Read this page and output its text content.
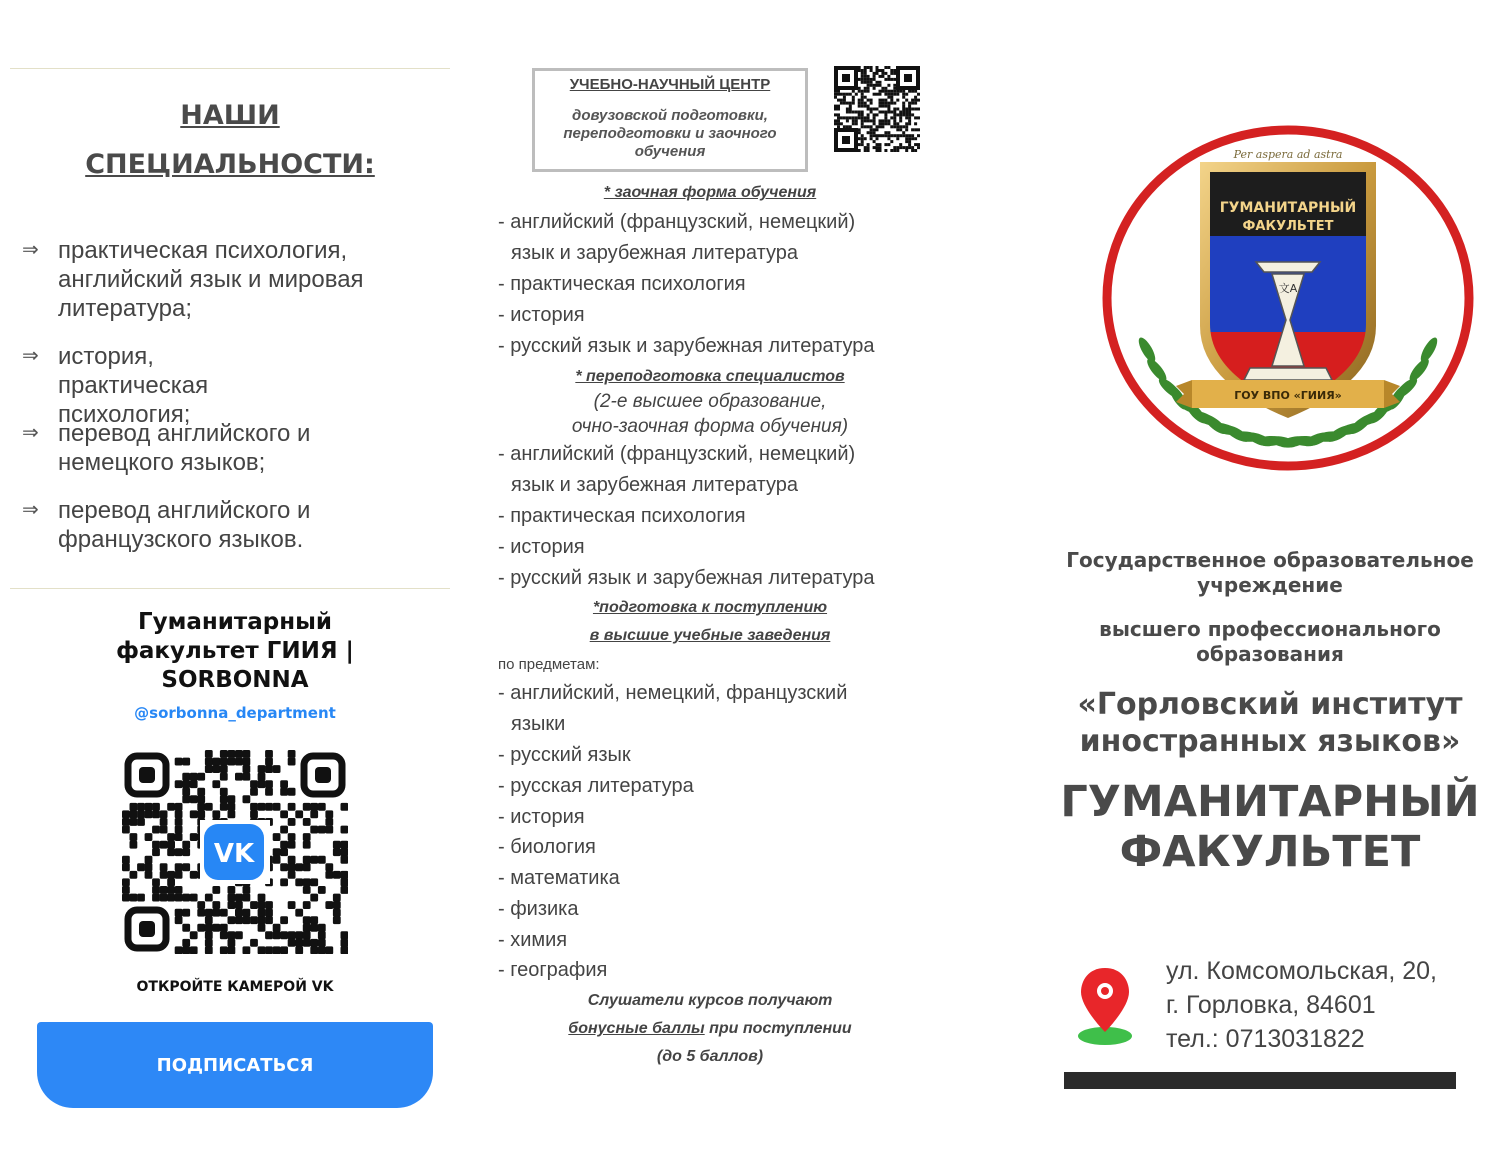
НАШИ
СПЕЦИАЛЬНОСТИ:
⇒ практическая психология, английский язык и мировая литература;
⇒ история, практическая психология;
⇒ перевод английского и немецкого языков;
⇒ перевод английского и французского языков.
Гуманитарный
факультет ГИИЯ |
SORBONNA
@sorbonna_department
VK
ОТКРОЙТЕ КАМЕРОЙ VK
ПОДПИСАТЬСЯ
УЧЕБНО-НАУЧНЫЙ ЦЕНТР
довузовской подготовки,
переподготовки и заочного
обучения
* заочная форма обучения
- английский (французский, немецкий)
язык и зарубежная литература
- практическая психология
- история
- русский язык и зарубежная литература
* переподготовка специалистов
(2-е высшее образование,
очно-заочная форма обучения)
- английский (французский, немецкий)
язык и зарубежная литература
- практическая психология
- история
- русский язык и зарубежная литература
*подготовка к поступлению
в высшие учебные заведения
по предметам:
- английский, немецкий, французский
языки
- русский язык
- русская литература
- история
- биология
- математика
- физика
- химия
- география
Слушатели курсов получают
бонусные баллы при поступлении
(до 5 баллов)
文A
Per aspera ad astra
ГУМАНИТАРНЫЙ
ФАКУЛЬТЕТ
ГОУ ВПО «ГИИЯ»
Государственное образовательное
учреждение
высшего профессионального
образования
«Горловский институт
иностранных языков»
ГУМАНИТАРНЫЙ
ФАКУЛЬТЕТ
ул. Комсомольская, 20,
г. Горловка, 84601
тел.: 0713031822
